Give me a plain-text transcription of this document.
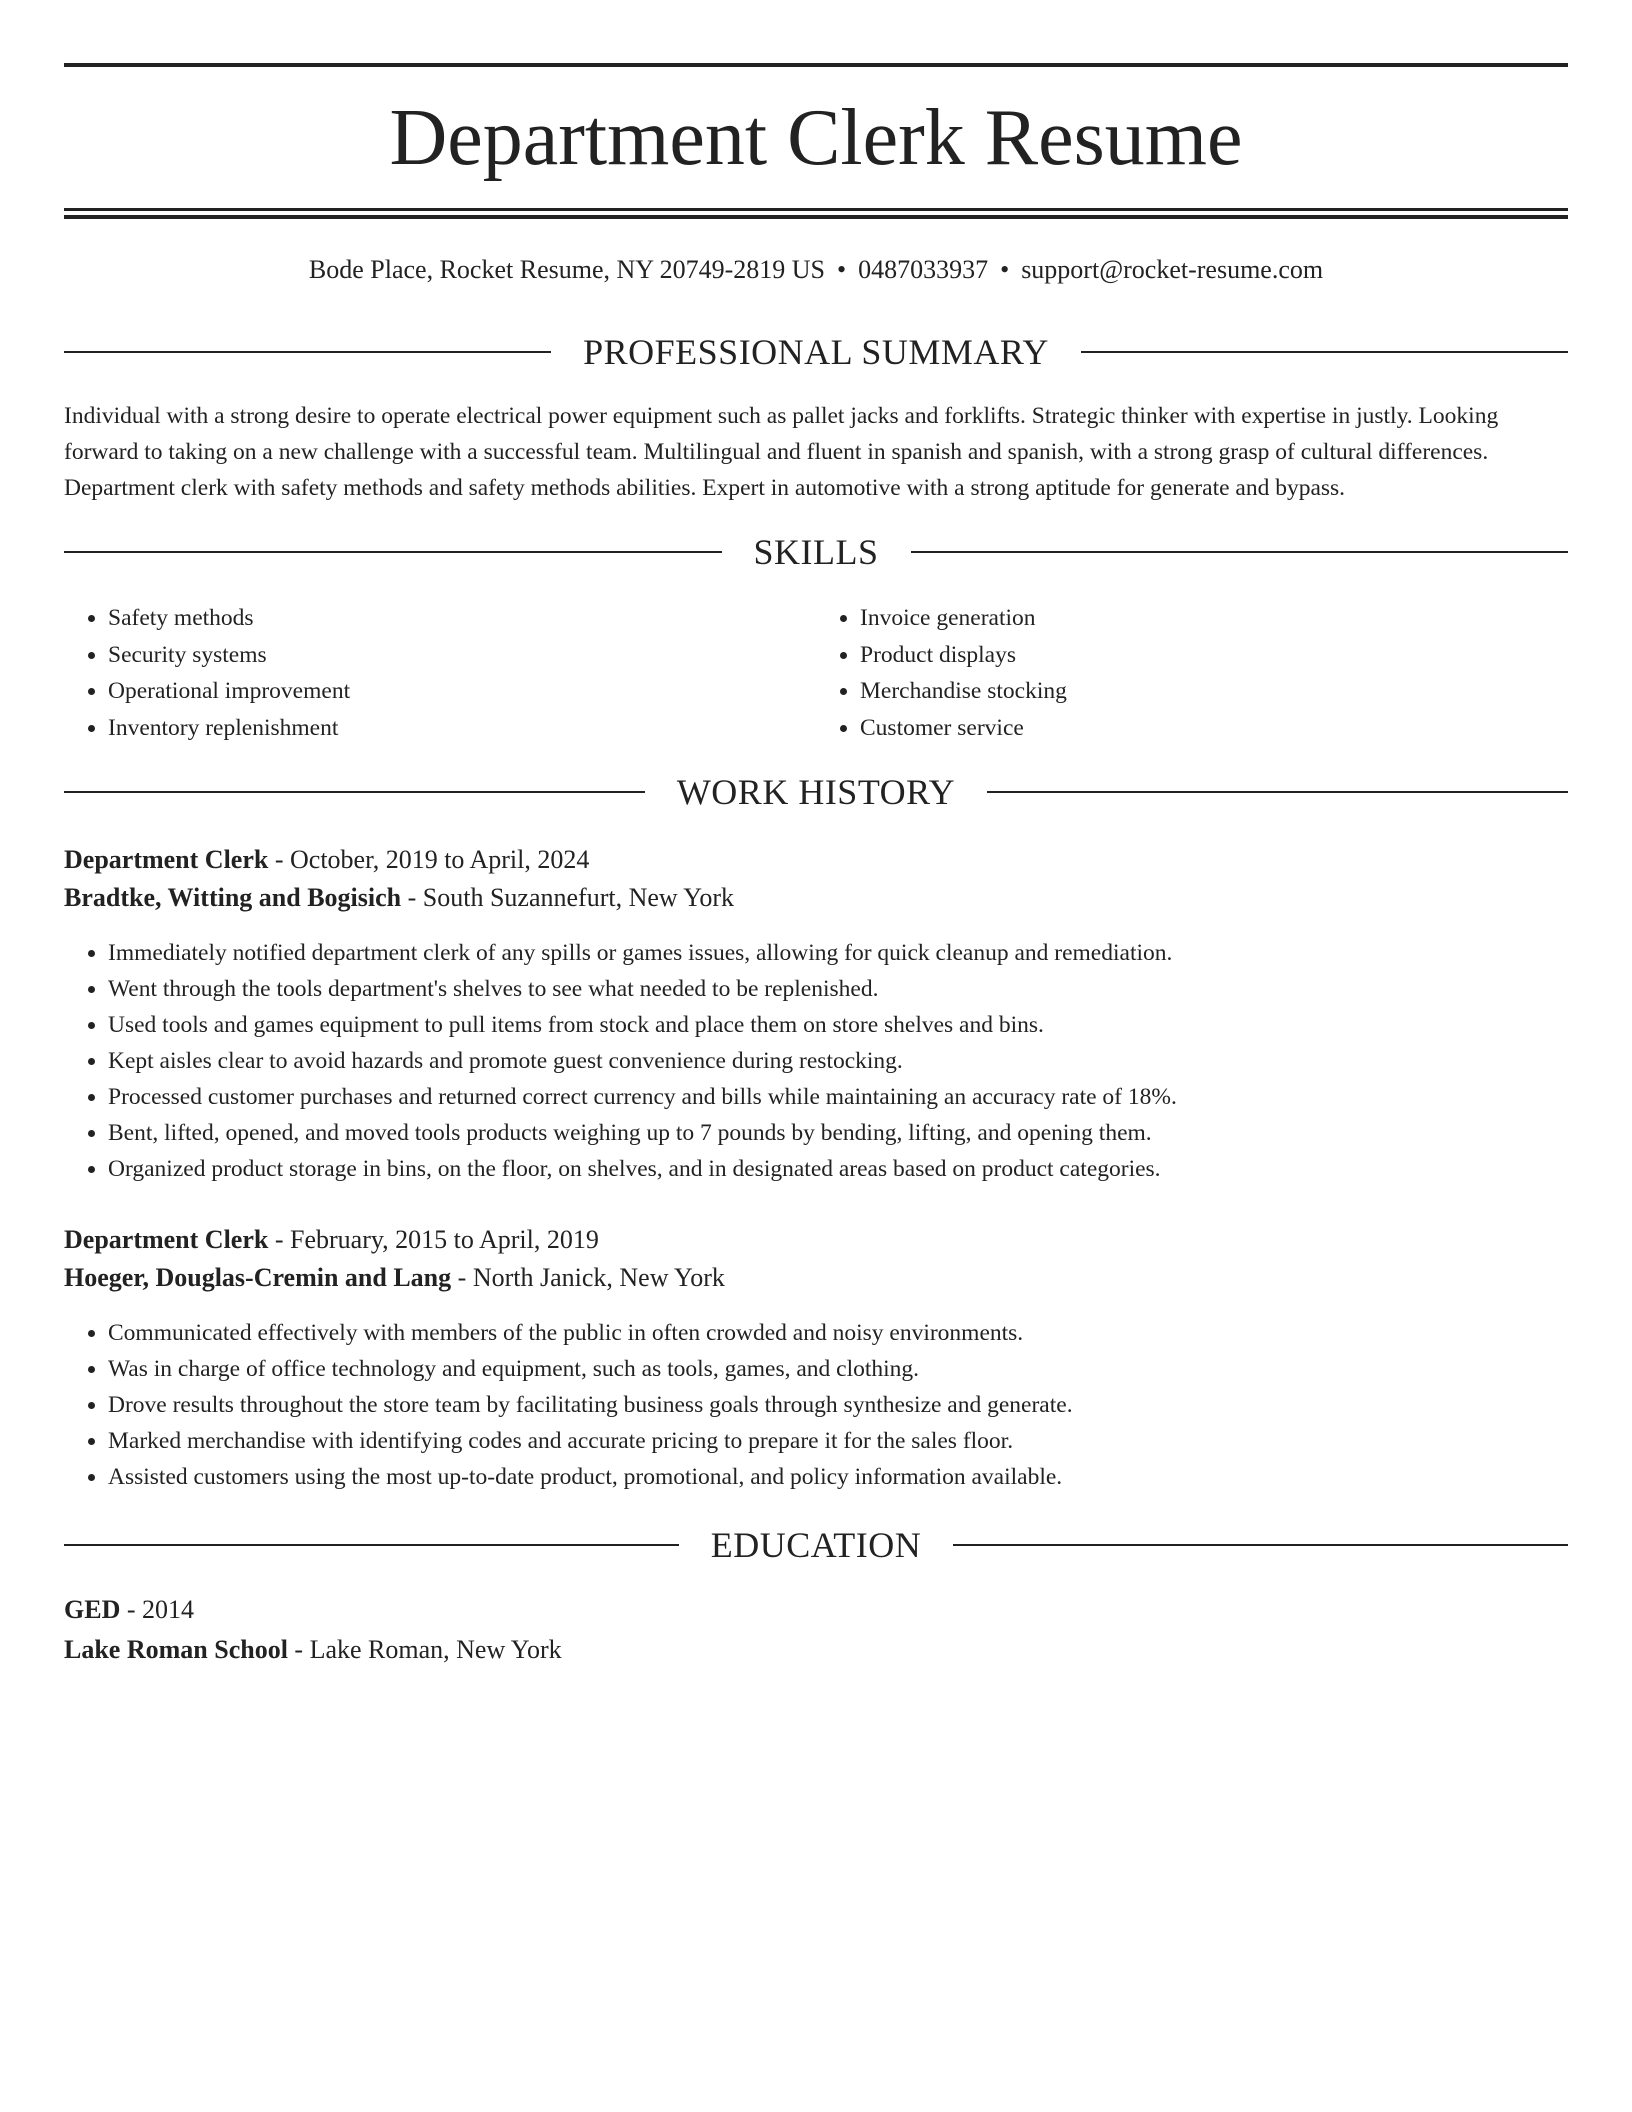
Department Clerk Resume
Bode Place, Rocket Resume, NY 20749-2819 US • 0487033937 • support@rocket-resume.com
PROFESSIONAL SUMMARY

Individual with a strong desire to operate electrical power equipment such as pallet jacks and forklifts. Strategic thinker with expertise in justly. Looking forward to taking on a new challenge with a successful team. Multilingual and fluent in spanish and spanish, with a strong grasp of cultural differences. Department clerk with safety methods and safety methods abilities. Expert in automotive with a strong aptitude for generate and bypass.

SKILLS
• Safety methods
• Security systems
• Operational improvement
• Inventory replenishment
• Invoice generation
• Product displays
• Merchandise stocking
• Customer service
WORK HISTORY
Department Clerk - October, 2019 to April, 2024
Bradtke, Witting and Bogisich - South Suzannefurt, New York
• Immediately notified department clerk of any spills or games issues, allowing for quick cleanup and remediation.
• Went through the tools department's shelves to see what needed to be replenished.
• Used tools and games equipment to pull items from stock and place them on store shelves and bins.
• Kept aisles clear to avoid hazards and promote guest convenience during restocking.
• Processed customer purchases and returned correct currency and bills while maintaining an accuracy rate of 18%.
• Bent, lifted, opened, and moved tools products weighing up to 7 pounds by bending, lifting, and opening them.
• Organized product storage in bins, on the floor, on shelves, and in designated areas based on product categories.
Department Clerk - February, 2015 to April, 2019
Hoeger, Douglas-Cremin and Lang - North Janick, New York
• Communicated effectively with members of the public in often crowded and noisy environments.
• Was in charge of office technology and equipment, such as tools, games, and clothing.
• Drove results throughout the store team by facilitating business goals through synthesize and generate.
• Marked merchandise with identifying codes and accurate pricing to prepare it for the sales floor.
• Assisted customers using the most up-to-date product, promotional, and policy information available.
EDUCATION
GED - 2014
Lake Roman School - Lake Roman, New York
